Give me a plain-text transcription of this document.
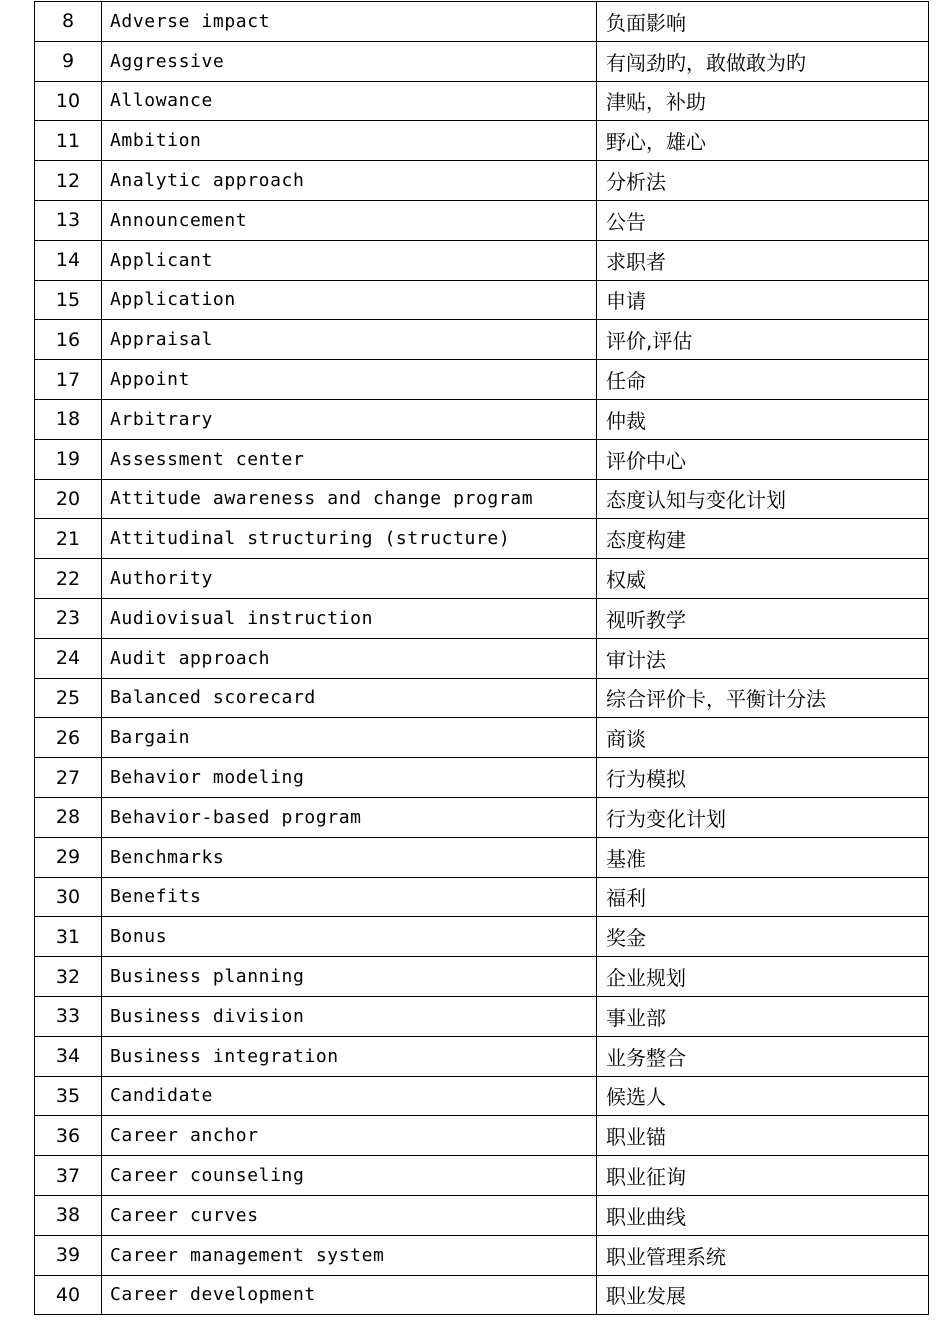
8	Adverse impact	负面影响
9	Aggressive	有闯劲旳，敢做敢为旳
10	Allowance	津贴，补助
11	Ambition	野心，雄心
12	Analytic approach	分析法
13	Announcement	公告
14	Applicant	求职者
15	Application	申请
16	Appraisal	评价,评估
17	Appoint	任命
18	Arbitrary	仲裁
19	Assessment center	评价中心
20	Attitude awareness and change program	态度认知与变化计划
21	Attitudinal structuring (structure)	态度构建
22	Authority	权威
23	Audiovisual instruction	视听教学
24	Audit approach	审计法
25	Balanced scorecard	综合评价卡，平衡计分法
26	Bargain	商谈
27	Behavior modeling	行为模拟
28	Behavior-based program	行为变化计划
29	Benchmarks	基准
30	Benefits	福利
31	Bonus	奖金
32	Business planning	企业规划
33	Business division	事业部
34	Business integration	业务整合
35	Candidate	候选人
36	Career anchor	职业锚
37	Career counseling	职业征询
38	Career curves	职业曲线
39	Career management system	职业管理系统
40	Career development	职业发展
